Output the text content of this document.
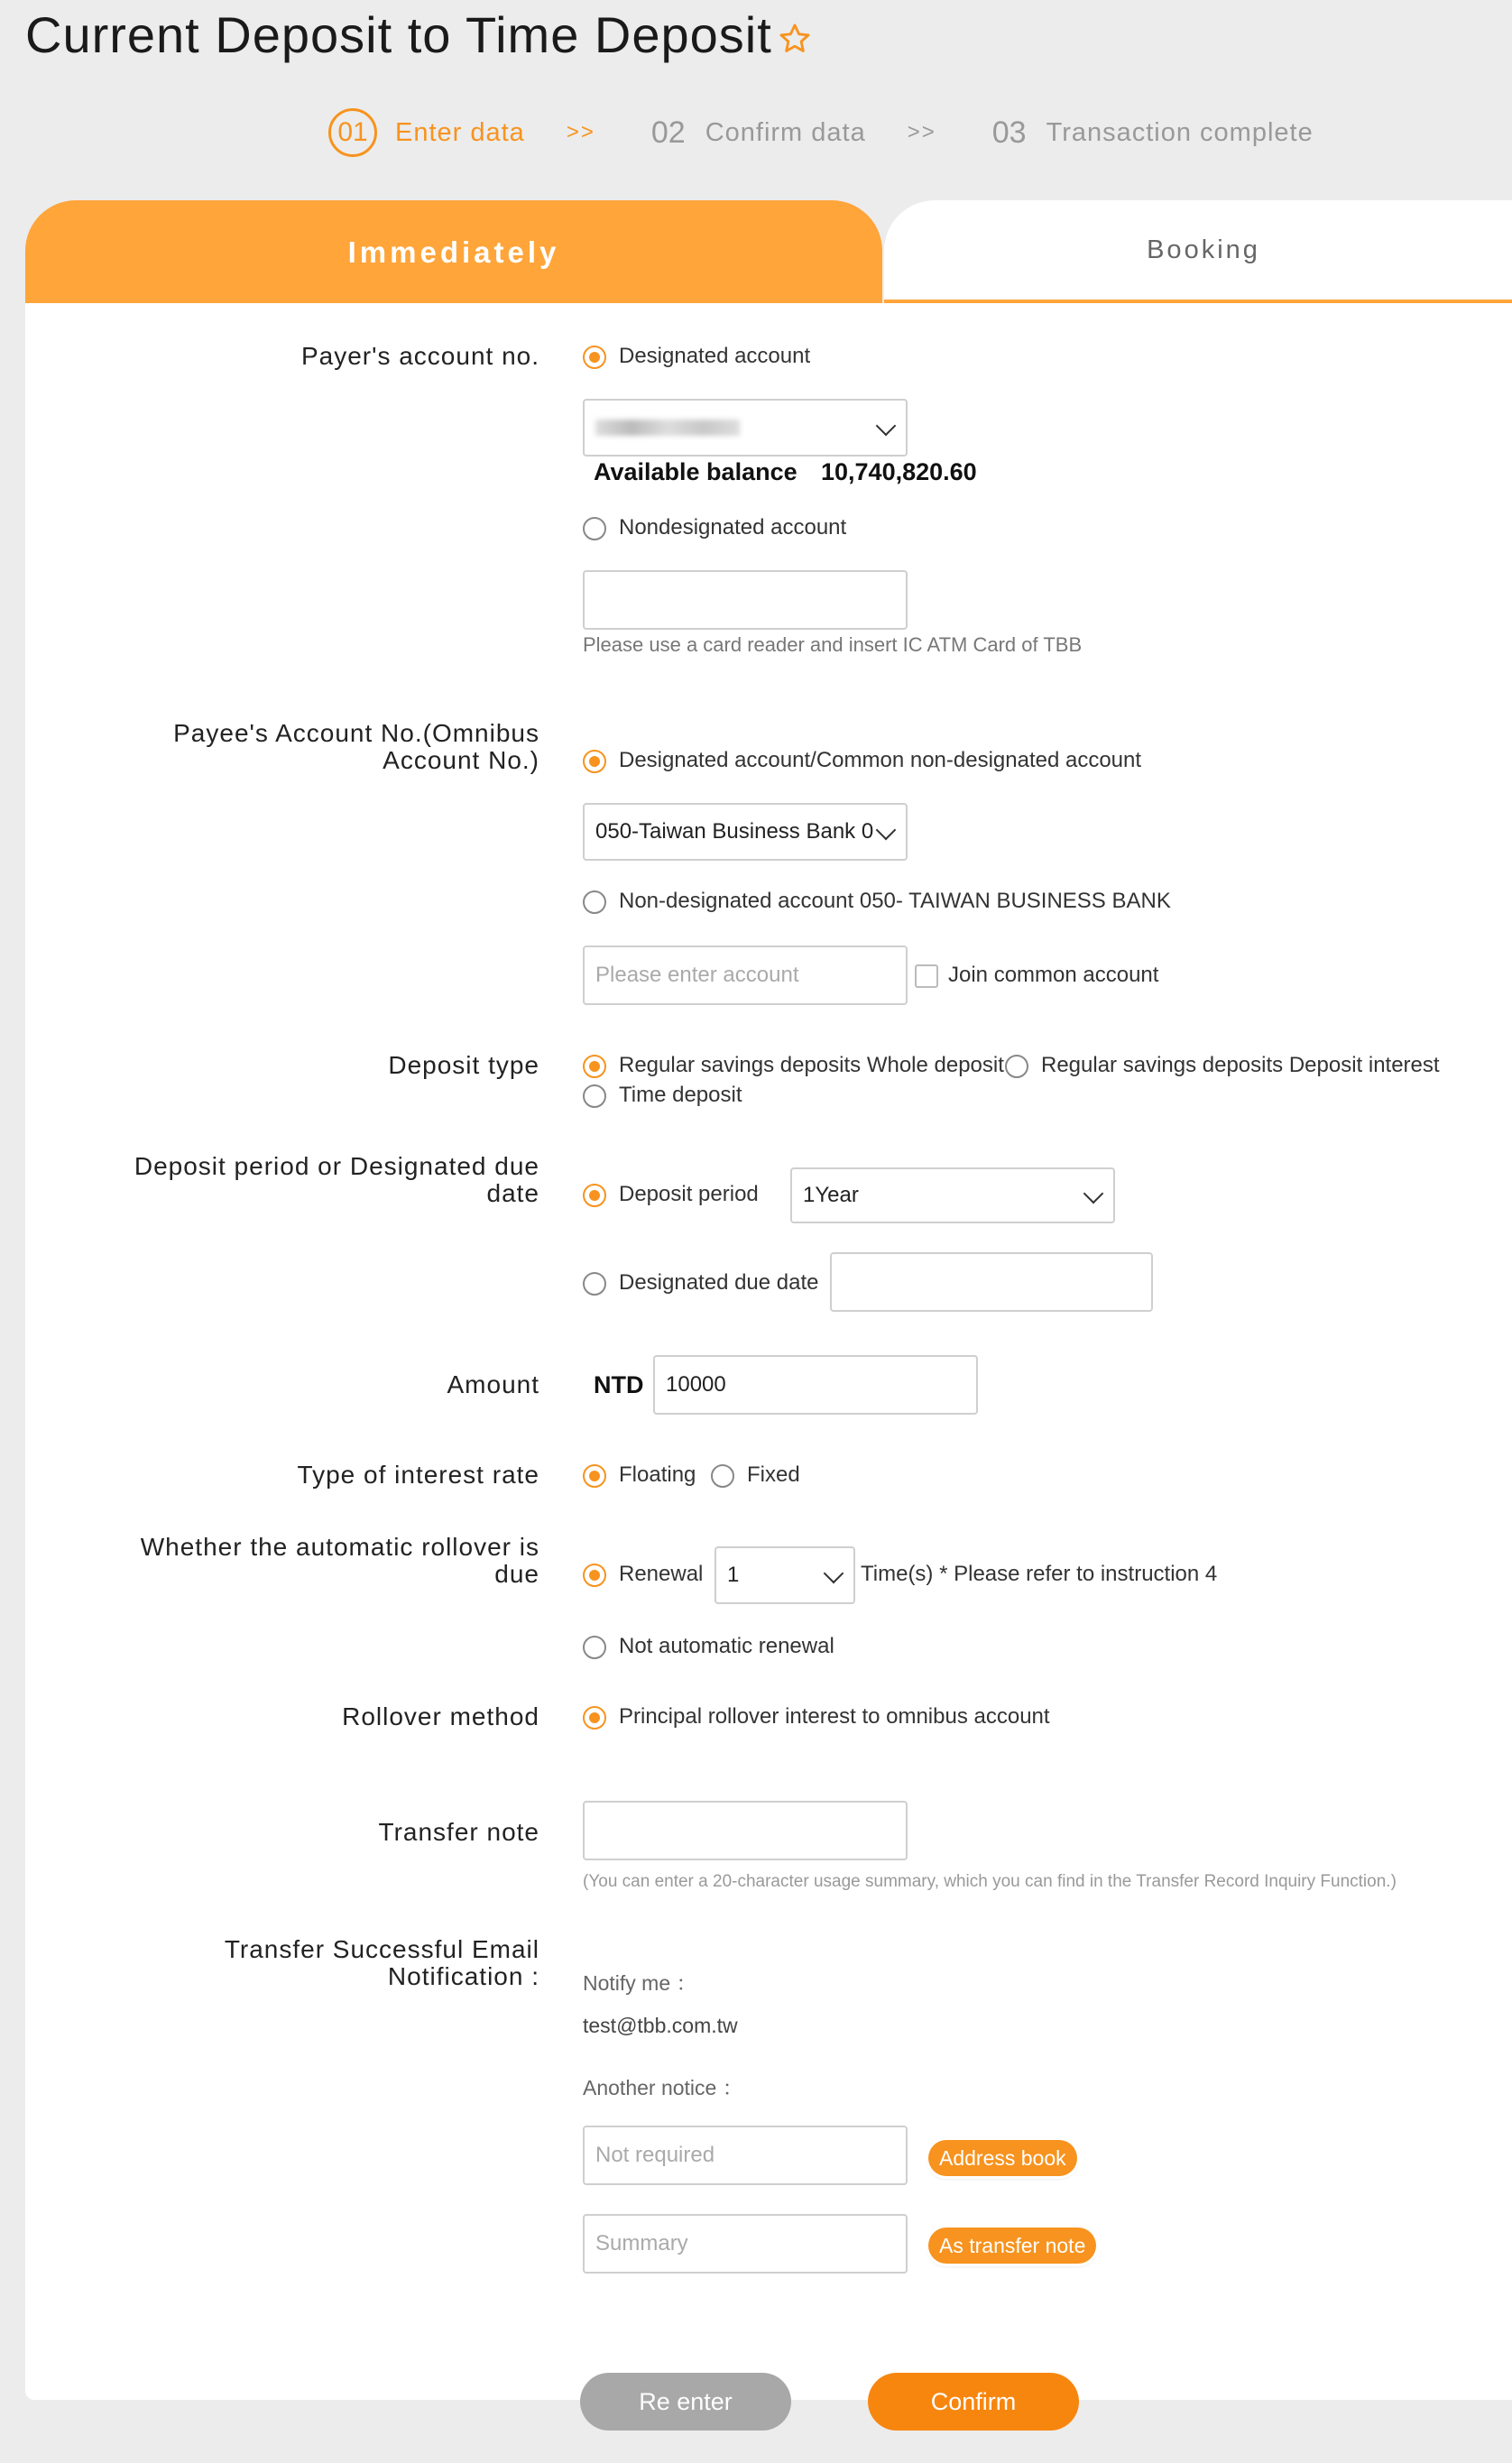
Current Deposit to Time Deposit
01	Enter data >> 02 Confirm data >> 03 Transaction complete
Immediately	Booking
Payer's account no.	Designated account
Available balance 10,740,820.60
Nondesignated account
Please use a card reader and insert IC ATM Card of TBB
Payee's Account No.(Omnibus
Account No.)	Designated account/Common non-designated account
050-Taiwan Business Bank 0
Non-designated account 050- TAIWAN BUSINESS BANK
Please enter account	Join common account
Deposit type	Regular savings deposits Whole deposit Regular savings deposits Deposit interest
Time deposit
Deposit period or Designated due
date	Deposit period 1Year
Designated due date
Amount NTD 10000
Type of interest rate	Floating Fixed
Whether the automatic rollover is
due	Renewal 1	Time(s) * Please refer to instruction 4
Not automatic renewal
Rollover method	Principal rollover interest to omnibus account
Transfer note
(You can enter a 20-character usage summary, which you can find in the Transfer Record Inquiry Function.)
Transfer Successful Email
Notification : Notify me ：
test@tbb.com.tw
Another notice ：
Not required	Address book
Summary	As transfer note
Re enter	Confirm
